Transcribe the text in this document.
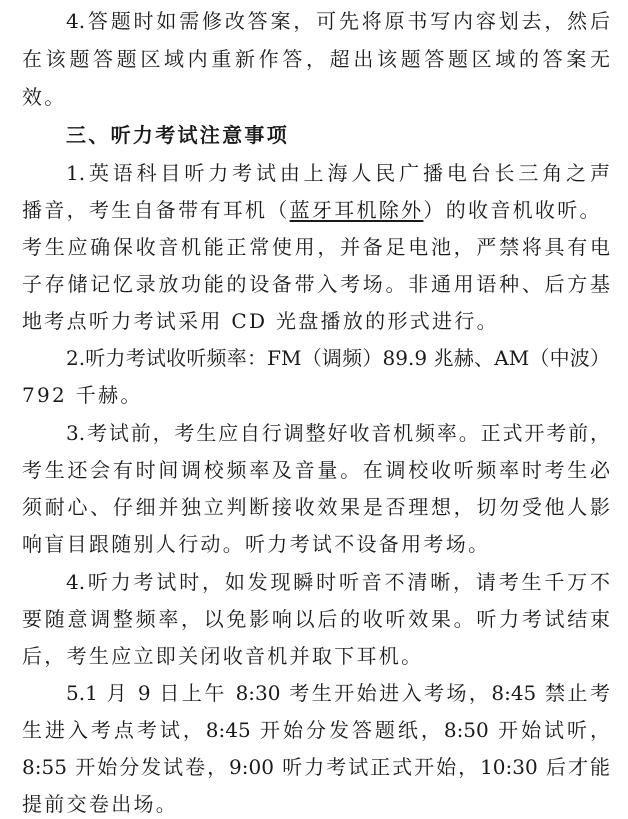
4.答题时如需修改答案，可先将原书写内容划去，然后
在该题答题区域内重新作答，超出该题答题区域的答案无
效。
三、听力考试注意事项
1.英语科目听力考试由上海人民广播电台长三角之声
播音，考生自备带有耳机（蓝牙耳机除外）的收音机收听。
考生应确保收音机能正常使用，并备足电池，严禁将具有电
子存储记忆录放功能的设备带入考场。非通用语种、后方基
地考点听力考试采用 CD 光盘播放的形式进行。
2.听力考试收听频率：FM（调频）89.9 兆赫、AM（中波）
792 千赫。
3.考试前，考生应自行调整好收音机频率。正式开考前，
考生还会有时间调校频率及音量。在调校收听频率时考生必
须耐心、仔细并独立判断接收效果是否理想，切勿受他人影
响盲目跟随别人行动。听力考试不设备用考场。
4.听力考试时，如发现瞬时听音不清晰，请考生千万不
要随意调整频率，以免影响以后的收听效果。听力考试结束
后，考生应立即关闭收音机并取下耳机。
5.1 月 9 日上午 8:30 考生开始进入考场，8:45 禁止考
生进入考点考试，8:45 开始分发答题纸，8:50 开始试听，
8:55 开始分发试卷，9:00 听力考试正式开始，10:30 后才能
提前交卷出场。
